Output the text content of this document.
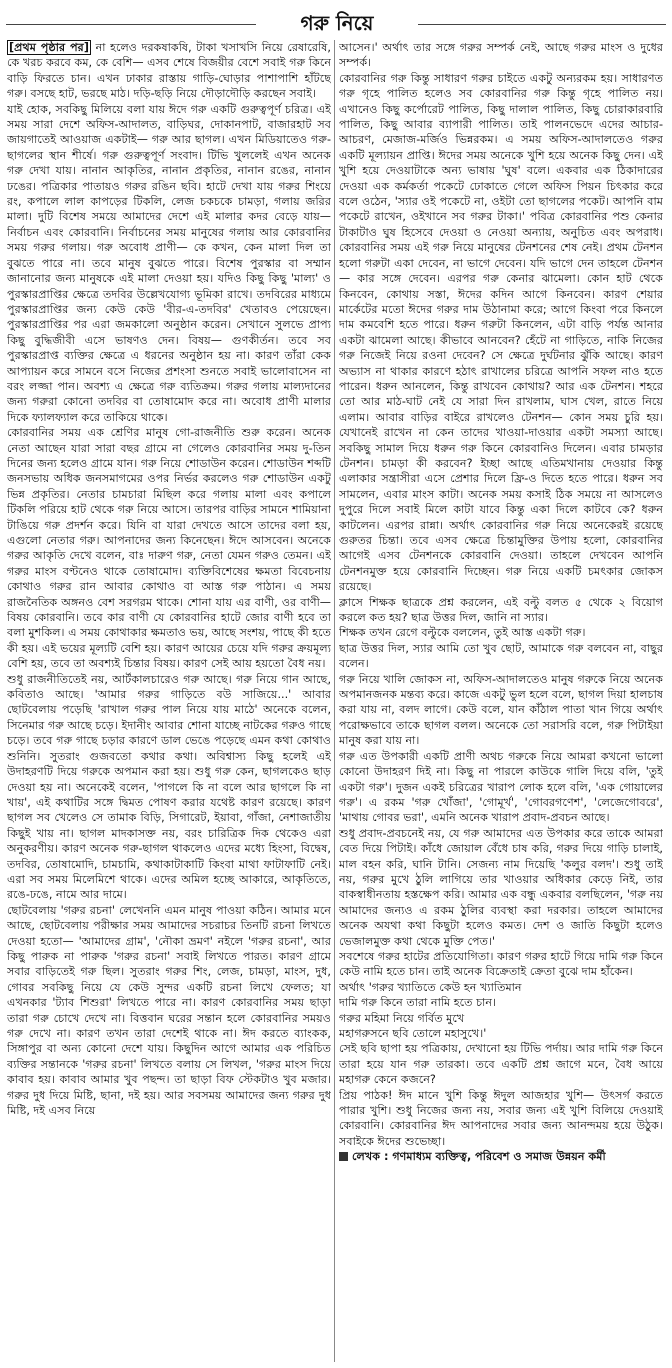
গরু নিয়ে

[প্রথম পৃষ্ঠার পর] না হলেও দরকষাকষি, টাকা খসাখসি নিয়ে রেষারেষি, কে খরচ করবে কম, কে বেশি— এসব শেষে বিজয়ীর বেশে সবাই গরু কিনে বাড়ি ফিরতে চান। এখন ঢাকার রাস্তায় গাড়ি-ঘোড়ার পাশাপাশি হাঁটছে গরু। বসছে হাট, ভরছে মাঠ। দড়ি-ছড়ি নিয়ে দৌড়াদৌড়ি করছেন সবাই।

যাই হোক, সবকিছু মিলিয়ে বলা যায় ঈদে গরু একটি গুরুত্বপূর্ণ চরিত্র। এই সময় সারা দেশে অফিস-আদালত, বাড়িঘর, দোকানপাট, বাজারহাট সব জায়গাতেই আওয়াজ একটাই— গরু আর ছাগল। এখন মিডিয়াতেও গরু-ছাগলের স্থান শীর্ষে। গরু গুরুত্বপূর্ণ সংবাদ। টিভি খুললেই এখন অনেক গরু দেখা যায়। নানান আকৃতির, নানান প্রকৃতির, নানান রঙের, নানান ঢঙের। পত্রিকার পাতায়ও গরুর রঙিন ছবি। হাটে দেখা যায় গরুর শিংয়ে রং, কপালে লাল কাপড়ের টিকলি, লেজ চকচকে চামড়া, গলায় জরির মালা। দুটি বিশেষ সময়ে আমাদের দেশে এই মালার কদর বেড়ে যায়— নির্বাচন এবং কোরবানি। নির্বাচনের সময় মানুষের গলায় আর কোরবানির সময় গরুর গলায়। গরু অবোধ প্রাণী— কে কখন, কেন মালা দিল তা বুঝতে পারে না। তবে মানুষ বুঝতে পারে। বিশেষ পুরস্কার বা সম্মান জানানোর জন্য মানুষকে এই মালা দেওয়া হয়। যদিও কিছু কিছু 'মাল্য' ও পুরস্কারপ্রাপ্তির ক্ষেত্রে তদবির উল্লেখযোগ্য ভূমিকা রাখে। তদবিরের মাধ্যমে পুরস্কারপ্রাপ্তির জন্য কেউ কেউ 'বীর-এ-তদবির' খেতাবও পেয়েছেন। পুরস্কারপ্রাপ্তির পর এরা জমকালো অনুষ্ঠান করেন। সেখানে সুলভে প্রাপ্য কিছু বুদ্ধিজীবী এসে ভাষণও দেন। বিষয়— গুণকীর্তন। তবে সব পুরস্কারপ্রাপ্ত ব্যক্তির ক্ষেত্রে এ ধরনের অনুষ্ঠান হয় না। কারণ তাঁরা কেক আপ্যায়ন করে সামনে বসে নিজের প্রশংসা শুনতে সবাই ভালোবাসেন না বরং লজ্জা পান। অবশ্য এ ক্ষেত্রে গরু ব্যতিক্রম। গরুর গলায় মাল্যদানের জন্য গরুরা কোনো তদবির বা তোষামোদ করে না। অবোধ প্রাণী মালার দিকে ফ্যালফ্যাল করে তাকিয়ে থাকে।

কোরবানির সময় এক শ্রেণির মানুষ গো-রাজনীতি শুরু করেন। অনেক নেতা আছেন যারা সারা বছর গ্রামে না গেলেও কোরবানির সময় দু-তিন দিনের জন্য হলেও গ্রামে যান। গরু নিয়ে শোডাউন করেন। শোডাউন শব্দটি জনসভায় অধিক জনসমাগমের ওপর নির্ভর করলেও গরু শোডাউন একটু ভিন্ন প্রকৃতির। নেতার চামচারা মিছিল করে গলায় মালা এবং কপালে টিকলি পরিয়ে হাট থেকে গরু নিয়ে আসে। তারপর বাড়ির সামনে শামিয়ানা টাঙিয়ে গরু প্রদর্শন করে। যিনি বা যারা দেখতে আসে তাদের বলা হয়, এগুলো নেতার গরু। আপনাদের জন্য কিনেছেন। ঈদে আসবেন। অনেকে গরুর আকৃতি দেখে বলেন, বাঃ দারুণ গরু, নেতা যেমন গরুও তেমন। এই গরুর মাংস বণ্টনেও থাকে তোষামোদ। ব্যক্তিবিশেষের ক্ষমতা বিবেচনায় কোথাও গরুর রান আবার কোথাও বা আস্ত গরু পাঠান। এ সময় রাজনৈতিক অঙ্গনও বেশ সরগরম থাকে। শোনা যায় এর বাণী, ওর বাণী— বিষয় কোরবানি। তবে কার বাণী যে কোরবানির হাটে জোর বাণী হবে তা বলা মুশকিল। এ সময় কোথাকার ক্ষমতাও ভয়, আছে সংশয়, পাছে কী হতে কী হয়। এই ভয়ের মূল্যটি বেশি হয়। কারণ আয়ের চেয়ে যদি গরুর ক্রয়মূল্য বেশি হয়, তবে তা অবশ্যই চিন্তার বিষয়। কারণ সেই আয় হয়তো বৈধ নয়।

শুধু রাজনীতিতেই নয়, আর্টকালচারেও গরু আছে। গরু নিয়ে গান আছে, কবিতাও আছে। 'আমার গরুর গাড়িতে বউ সাজিয়ে...' আবার ছোটবেলায় পড়েছি 'রাখাল গরুর পাল নিয়ে যায় মাঠে' অনেকে বলেন, সিনেমার গরু আছে চড়ে। ইদানীং আবার শোনা যাচ্ছে নাটকের গরুও গাছে চড়ে। তবে গরু গাছে চড়ার কারণে ডাল ভেঙে পড়েছে এমন কথা কোথাও শুনিনি। সুতরাং গুজবতো কথার কথা। অবিশ্বাস্য কিছু হলেই এই উদাহরণটি দিয়ে গরুকে অপমান করা হয়। শুধু গরু কেন, ছাগলকেও ছাড় দেওয়া হয় না। অনেকেই বলেন, 'পাগলে কি না বলে আর ছাগলে কি না খায়', এই কথাটির সঙ্গে দ্বিমত পোষণ করার যথেষ্ট কারণ রয়েছে। কারণ ছাগল সব খেলেও সে তামাক বিড়ি, সিগারেট, ইয়াবা, গাঁজা, নেশাজাতীয় কিছুই খায় না। ছাগল মাদকাসক্ত নয়, বরং চারিত্রিক দিক থেকেও এরা অনুকরণীয়। কারণ অনেক গরু-ছাগল থাকলেও এদের মধ্যে হিংসা, বিদ্বেষ, তদবির, তোষামোদি, চামচামি, কথাকাটাকাটি কিংবা মাথা ফাটাফাটি নেই। এরা সব সময় মিলেমিশে থাকে। এদের অমিল হচ্ছে আকারে, আকৃতিতে, রঙে-ঢঙে, নামে আর দামে।

ছোটবেলায় 'গরুর রচনা' লেখেননি এমন মানুষ পাওয়া কঠিন। আমার মনে আছে, ছোটবেলায় পরীক্ষার সময় আমাদের সচরাচর তিনটি রচনা লিখতে দেওয়া হতো— 'আমাদের গ্রাম', 'নৌকা ভ্রমণ' নইলে 'গরুর রচনা', আর কিছু পারুক না পারুক 'গরুর রচনা' সবাই লিখতে পারত। কারণ গ্রামে সবার বাড়িতেই গরু ছিল। সুতরাং গরুর শিং, লেজ, চামড়া, মাংস, দুধ, গোবর সবকিছু নিয়ে যে কেউ সুন্দর একটি রচনা লিখে ফেলত; যা এখনকার 'ট্যাব শিশুরা' লিখতে পারে না। কারণ কোরবানির সময় ছাড়া তারা গরু চোখে দেখে না। বিত্তবান ঘরের সন্তান হলে কোরবানির সময়ও গরু দেখে না। কারণ তখন তারা দেশেই থাকে না। ঈদ করতে ব্যাংকক, সিঙ্গাপুর বা অন্য কোনো দেশে যায়। কিছুদিন আগে আমার এক পরিচিত ব্যক্তির সন্তানকে 'গরুর রচনা' লিখতে বলায় সে লিখল, 'গরুর মাংস দিয়ে কাবাব হয়। কাবাব আমার খুব পছন্দ। তা ছাড়া বিফ স্টেকটাও খুব মজার। গরুর দুধ দিয়ে মিষ্টি, ছানা, দই হয়। আর সবসময় আমাদের জন্য গরুর দুধ মিষ্টি, দই এসব নিয়ে

আসেন।' অর্থাৎ তার সঙ্গে গরুর সম্পর্ক নেই, আছে গরুর মাংস ও দুধের সম্পর্ক।

কোরবানির গরু কিন্তু সাধারণ গরুর চাইতে একটু অন্যরকম হয়। সাধারণত গরু গৃহে পালিত হলেও সব কোরবানির গরু কিন্তু গৃহে পালিত নয়। এখানেও কিছু কর্পোরেট পালিত, কিছু দালাল পালিত, কিছু চোরাকারবারি পালিত, কিছু আবার ব্যাপারী পালিত। তাই পালনভেদে এদের আচার-আচরণ, মেজাজ-মর্জিও ভিন্নরকম। এ সময় অফিস-আদালতেও গরুর একটি মূল্যায়ন প্রাপ্তি। ঈদের সময় অনেকে খুশি হয়ে অনেক কিছু দেন। এই খুশি হয়ে দেওয়াটাকে অন্য ভাষায় 'ঘুষ' বলে। একবার এক ঠিকাদারের দেওয়া এক কর্মকর্তা পকেটে ঢোকাতে গেলে অফিস পিয়ন চিৎকার করে বলে ওঠেন, 'স্যার ওই পকেটে না, ওইটা তো ছাগলের পকেট। আপনি বাম পকেটে রাখেন, ওইখানে সব গরুর টাকা।' পবিত্র কোরবানির পশু কেনার টাকাটাও ঘুষ হিসেবে দেওয়া ও নেওয়া অন্যায়, অনুচিত এবং অপরাধ। কোরবানির সময় এই গরু নিয়ে মানুষের টেনশনের শেষ নেই। প্রথম টেনশন হলো গরুটা একা দেবেন, না ভাগে দেবেন। যদি ভাগে দেন তাহলে টেনশন— কার সঙ্গে দেবেন। এরপর গরু কেনার ঝামেলা। কোন হাট থেকে কিনবেন, কোথায় সস্তা, ঈদের কদিন আগে কিনবেন। কারণ শেয়ার মার্কেটের মতো ঈদের গরুর দাম উঠানামা করে; আগে কিংবা পরে কিনলে দাম কমবেশি হতে পারে। ধরুন গরুটা কিনলেন, এটা বাড়ি পর্যন্ত আনার একটা ঝামেলা আছে। কীভাবে আনবেন? হেঁটে না গাড়িতে, নাকি নিজের গরু নিজেই নিয়ে রওনা দেবেন? সে ক্ষেত্রে দুর্ঘটনার ঝুঁকি আছে। কারণ অভ্যাস না থাকার কারণে হঠাৎ রাখালের চরিত্রে আপনি সফল নাও হতে পারেন। ধরুন আনলেন, কিন্তু রাখবেন কোথায়? আর এক টেনশন। শহরে তো আর মাঠ-ঘাট নেই যে সারা দিন রাখলাম, ঘাস খেল, রাতে নিয়ে এলাম। আবার বাড়ির বাইরে রাখলেও টেনশন— কোন সময় চুরি হয়। যেখানেই রাখেন না কেন তাদের খাওয়া-দাওয়ার একটা সমস্যা আছে। সবকিছু সামাল দিয়ে ধরুন গরু কিনে কোরবানিও দিলেন। এবার চামড়ার টেনশন। চামড়া কী করবেন? ইচ্ছা আছে এতিমখানায় দেওয়ার কিন্তু এলাকার সন্ত্রাসীরা এসে প্রেশার দিলে ফ্রি-ও দিতে হতে পারে। ধরুন সব সামলেন, এবার মাংস কাটা। অনেক সময় কসাই ঠিক সময়ে না আসলেও দুপুরে দিলে সবাই মিলে কাটা যাবে কিন্তু একা দিলে কাটবে কে? ধরুন কাটলেন। এরপর রান্না। অর্থাৎ কোরবানির গরু নিয়ে অনেকেরই রয়েছে গুরুতর চিন্তা। তবে এসব ক্ষেত্রে চিন্তামুক্তির উপায় হলো, কোরবানির আগেই এসব টেনশনকে কোরবানি দেওয়া। তাহলে দেখবেন আপনি টেনশনমুক্ত হয়ে কোরবানি দিচ্ছেন। গরু নিয়ে একটি চমৎকার জোকস রয়েছে।

ক্লাসে শিক্ষক ছাত্রকে প্রশ্ন করলেন, এই বল্টু বলত ৫ থেকে ২ বিয়োগ করলে কত হয়? ছাত্র উত্তর দিল, জানি না স্যার।

শিক্ষক তখন রেগে বল্টুকে বললেন, তুই আস্ত একটা গরু।

ছাত্র উত্তর দিল, স্যার আমি তো খুব ছোট, আমাকে গরু বলবেন না, বাছুর বলেন।

গরু নিয়ে খালি জোকস না, অফিস-আদালতেও মানুষ গরুকে নিয়ে অনেক অপমানজনক মন্তব্য করে। কাজে একটু ভুল হলে বলে, ছাগল দিয়া হালচাষ করা যায় না, বলদ লাগে। কেউ বলে, যান কাঁঠাল পাতা খান গিয়ে অর্থাৎ পরোক্ষভাবে তাকে ছাগল বলল। অনেকে তো সরাসরি বলে, গরু পিটাইয়া মানুষ করা যায় না।

গরু এত উপকারী একটি প্রাণী অথচ গরুকে নিয়ে আমরা কখনো ভালো কোনো উদাহরণ দিই না। কিছু না পারলে কাউকে গালি দিয়ে বলি, 'তুই একটা গরু'। দুজন একই চরিত্রের খারাপ লোক হলে বলি, 'এক গোয়ালের গরু'। এ রকম 'গরু খোঁজা', 'গোমূর্খ', 'গোবরগণেশ', 'লেজেগোবরে', 'মাথায় গোবর ভরা', এমনি অনেক খারাপ প্রবাদ-প্রবচন আছে।

শুধু প্রবাদ-প্রবচনেই নয়, যে গরু আমাদের এত উপকার করে তাকে আমরা বেত দিয়ে পিটাই। কাঁধে জোয়াল বেঁধে চাষ করি, গরুর দিয়ে গাড়ি চালাই, মাল বহন করি, ঘানি টানি। সেজন্য নাম দিয়েছি 'কলুর বলদ'। শুধু তাই নয়, গরুর মুখে ঠুলি লাগিয়ে তার খাওয়ার অধিকার কেড়ে নিই, তার বাকস্বাধীনতায় হস্তক্ষেপ করি। আমার এক বন্ধু একবার বলছিলেন, 'গরু নয় আমাদের জন্যও এ রকম ঠুলির ব্যবস্থা করা দরকার। তাহলে আমাদের অনেক অযথা কথা কিছুটা হলেও কমত। দেশ ও জাতি কিছুটা হলেও ভেজালমুক্ত কথা থেকে মুক্তি পেত।'

সবশেষে গরুর হাটের প্রতিযোগিতা। কারণ গরুর হাটে গিয়ে দামি গরু কিনে কেউ নামি হতে চান। তাই অনেক বিক্রেতাই ক্রেতা বুঝে দাম হাঁকেন।

অর্থাৎ 'গরুর খ্যাতিতে কেউ হন খ্যাতিমান

দামি গরু কিনে তারা নামি হতে চান।

গরুর মহিমা নিয়ে গর্বিত মুখে

মহাগরুসনে ছবি তোলে মহাসুখে।'

সেই ছবি ছাপা হয় পত্রিকায়, দেখানো হয় টিভি পর্দায়। আর দামি গরু কিনে তারা হয়ে যান গরু তারকা। তবে একটি প্রশ্ন জাগে মনে, বৈধ আয়ে মহাগরু কেনে কজনে?

প্রিয় পাঠক! ঈদ মানে খুশি কিন্তু ঈদুল আজহার খুশি— উৎসর্গ করতে পারার খুশি। শুধু নিজের জন্য নয়, সবার জন্য এই খুশি বিলিয়ে দেওয়াই কোরবানি। কোরবানির ঈদ আপনাদের সবার জন্য আনন্দময় হয়ে উঠুক। সবাইকে ঈদের শুভেচ্ছা।

লেখক : গণমাধ্যম ব্যক্তিত্ব, পরিবেশ ও সমাজ উন্নয়ন কর্মী
